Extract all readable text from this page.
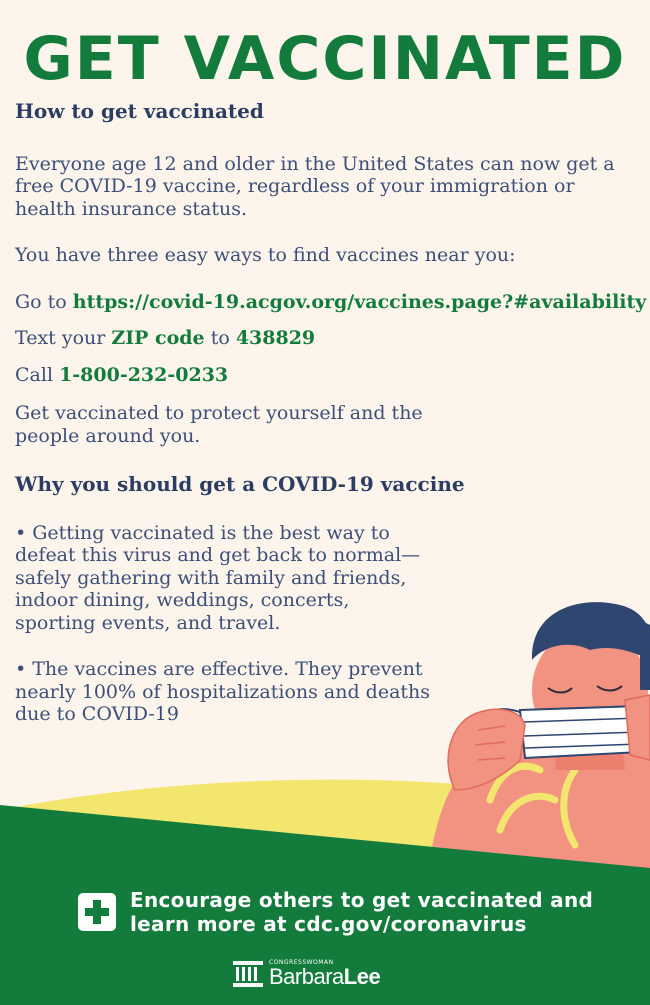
GET VACCINATED

How to get vaccinated

Everyone age 12 and older in the United States can now get a free COVID-19 vaccine, regardless of your immigration or health insurance status.

You have three easy ways to find vaccines near you:

Go to https://covid-19.acgov.org/vaccines.page?#availability

Text your ZIP code to 438829

Call 1-800-232-0233

Get vaccinated to protect yourself and the people around you.

Why you should get a COVID-19 vaccine

• Getting vaccinated is the best way to defeat this virus and get back to normal—safely gathering with family and friends, indoor dining, weddings, concerts, sporting events, and travel.

• The vaccines are effective. They prevent nearly 100% of hospitalizations and deaths due to COVID-19

Encourage others to get vaccinated and learn more at cdc.gov/coronavirus
CONGRESSWOMAN
BarbaraLee
